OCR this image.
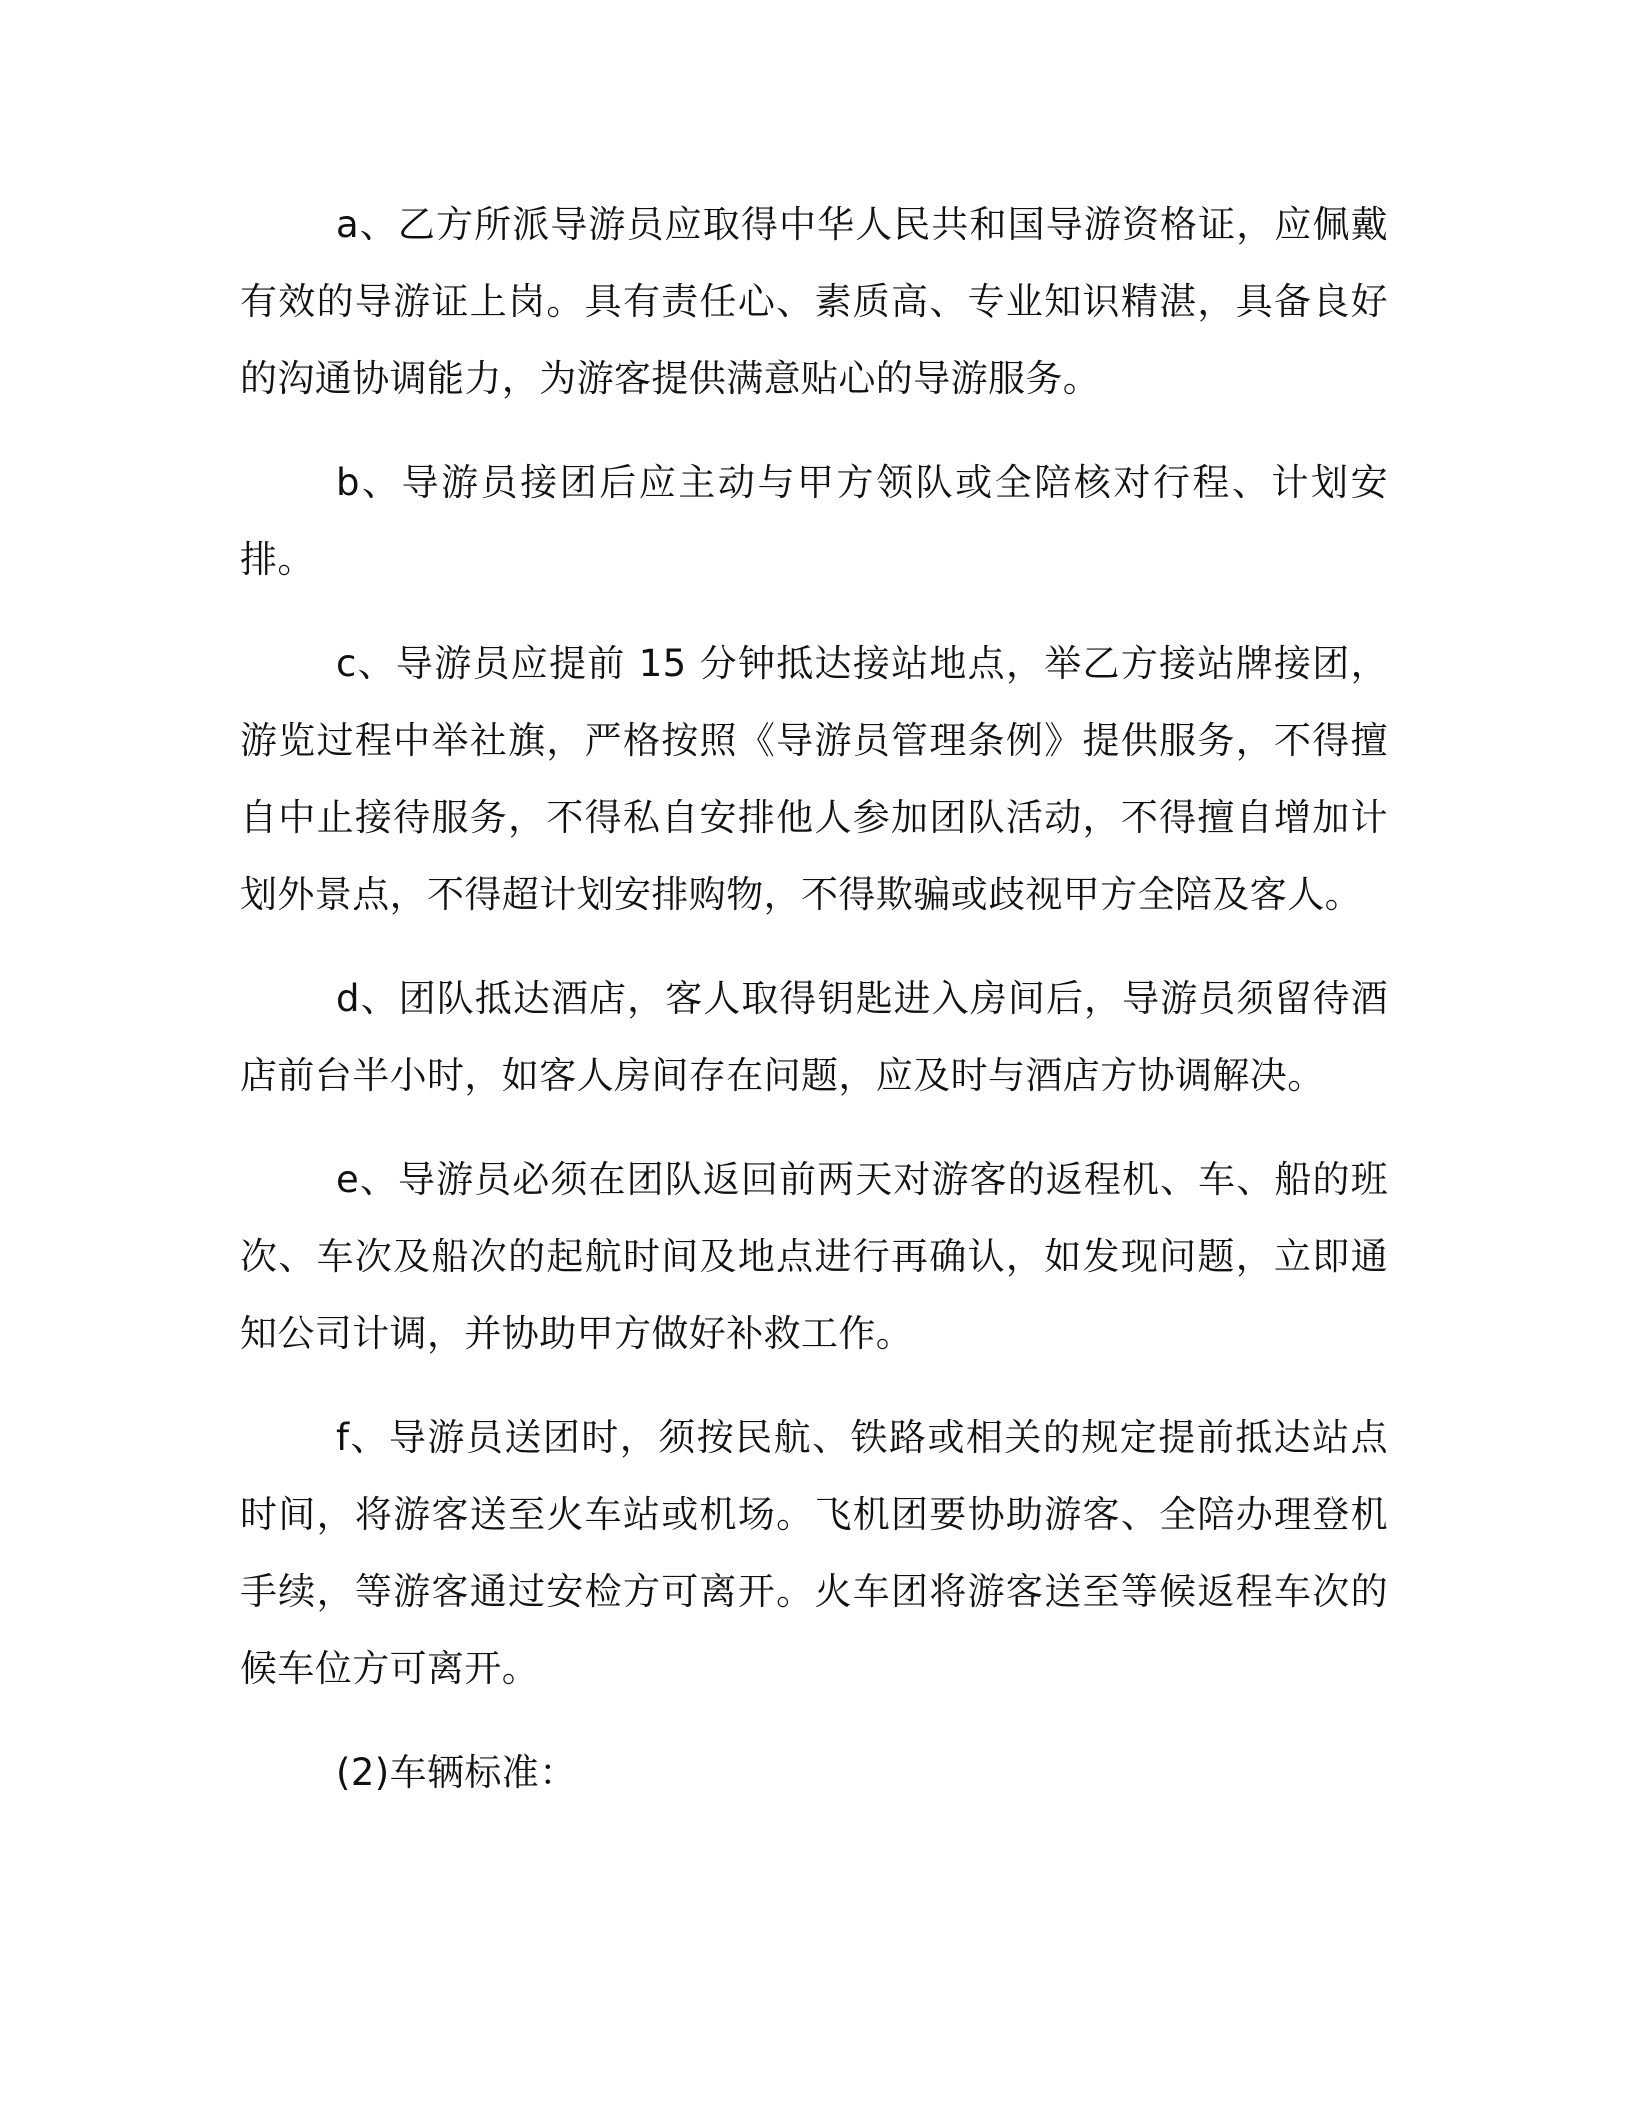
a、乙方所派导游员应取得中华人民共和国导游资格证，应佩戴有效的导游证上岗。具有责任心、素质高、专业知识精湛，具备良好的沟通协调能力，为游客提供满意贴心的导游服务。

b、导游员接团后应主动与甲方领队或全陪核对行程、计划安排。

c、导游员应提前 15 分钟抵达接站地点，举乙方接站牌接团，游览过程中举社旗，严格按照《导游员管理条例》提供服务，不得擅自中止接待服务，不得私自安排他人参加团队活动，不得擅自增加计划外景点，不得超计划安排购物，不得欺骗或歧视甲方全陪及客人。

d、团队抵达酒店，客人取得钥匙进入房间后，导游员须留待酒店前台半小时，如客人房间存在问题，应及时与酒店方协调解决。

e、导游员必须在团队返回前两天对游客的返程机、车、船的班次、车次及船次的起航时间及地点进行再确认，如发现问题，立即通知公司计调，并协助甲方做好补救工作。

f、导游员送团时，须按民航、铁路或相关的规定提前抵达站点时间，将游客送至火车站或机场。飞机团要协助游客、全陪办理登机手续，等游客通过安检方可离开。火车团将游客送至等候返程车次的候车位方可离开。

(2)车辆标准：
